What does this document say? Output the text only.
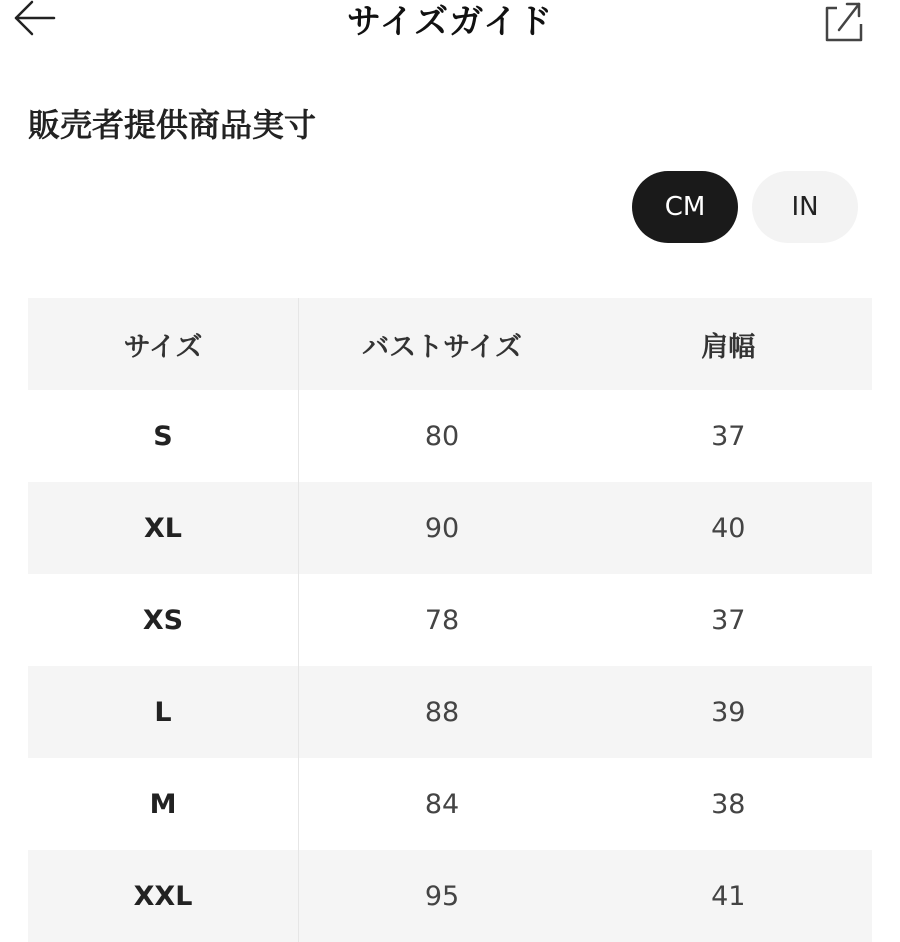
サイズガイド
販売者提供商品実寸
CM	IN
サイズ	バストサイズ	肩幅
S	80	37
XL	90	40
XS	78	37
L	88	39
M	84	38
XXL	95	41
